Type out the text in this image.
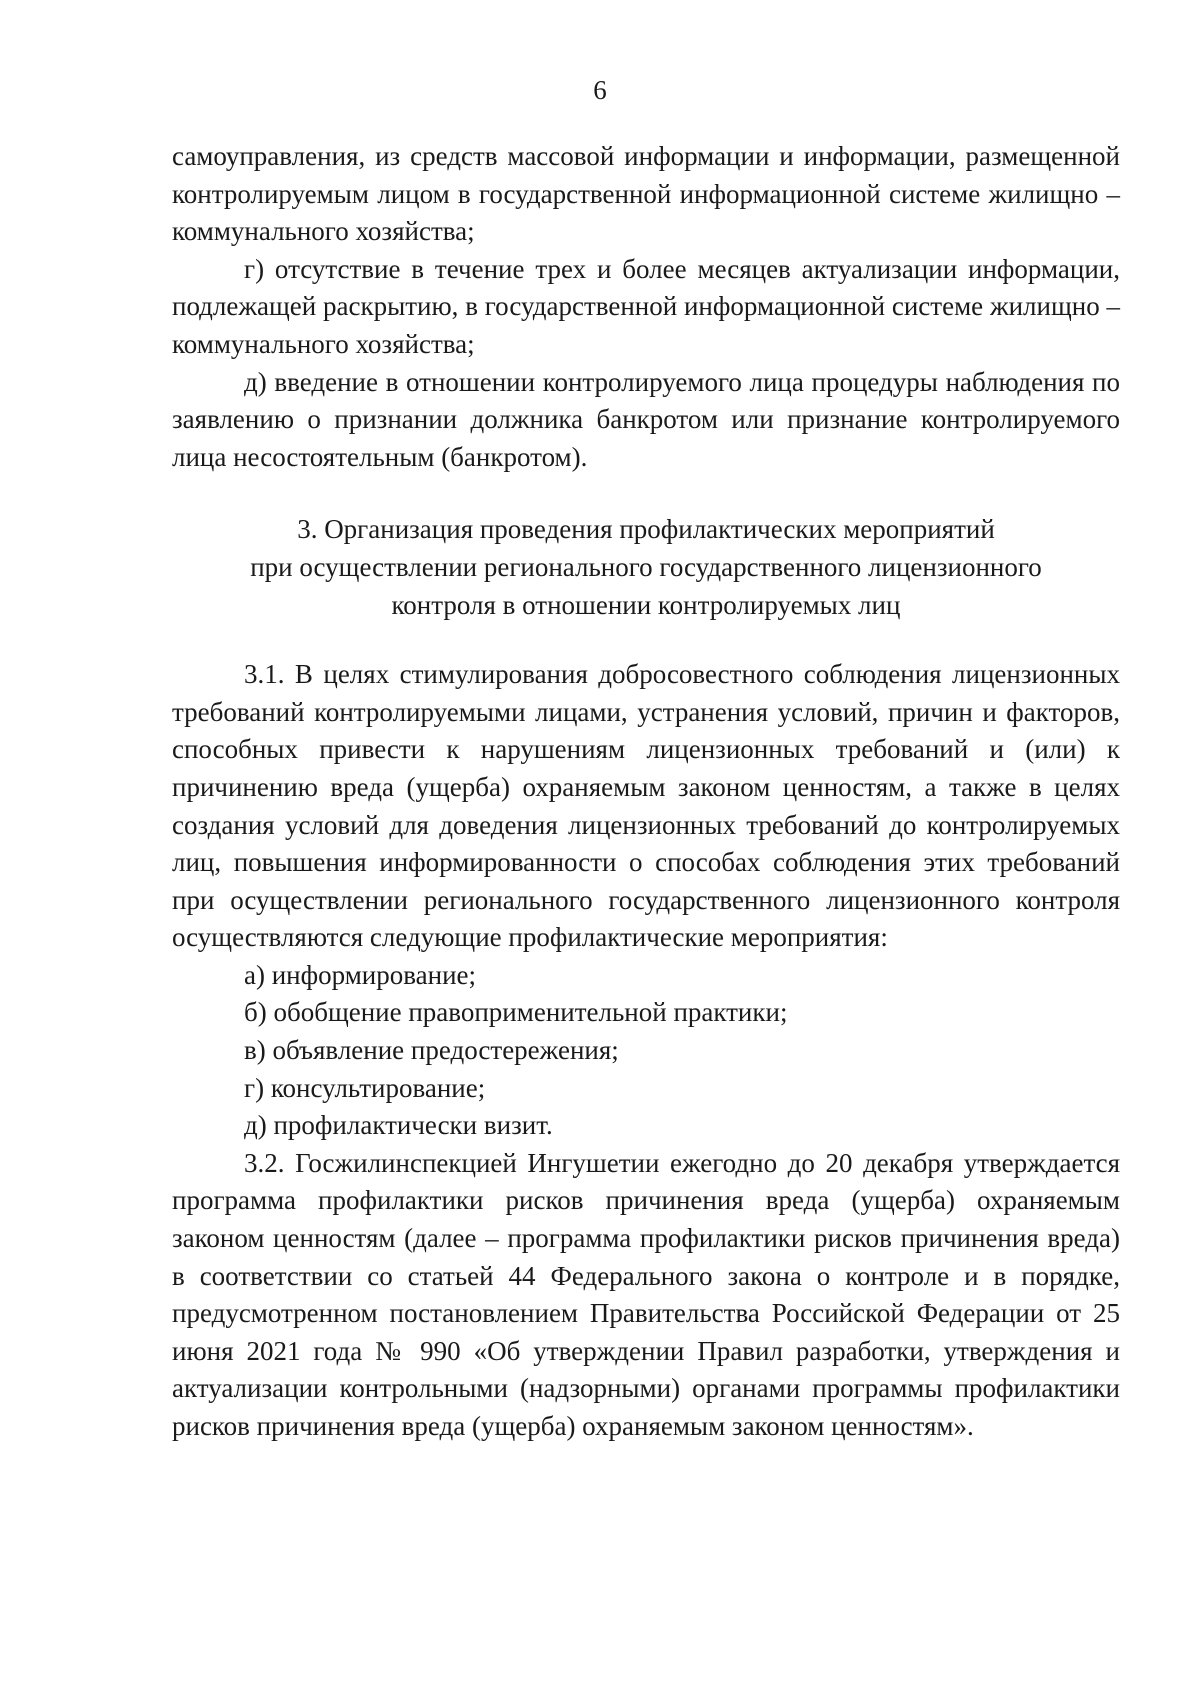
6

самоуправления, из средств массовой информации и информации, размещенной контролируемым лицом в государственной информационной системе жилищно – коммунального хозяйства;

г) отсутствие в течение трех и более месяцев актуализации информации, подлежащей раскрытию, в государственной информационной системе жилищно – коммунального хозяйства;

д) введение в отношении контролируемого лица процедуры наблюдения по заявлению о признании должника банкротом или признание контролируемого лица несостоятельным (банкротом).

3. Организация проведения профилактических мероприятий
при осуществлении регионального государственного лицензионного
контроля в отношении контролируемых лиц

3.1. В целях стимулирования добросовестного соблюдения лицензионных требований контролируемыми лицами, устранения условий, причин и факторов, способных привести к нарушениям лицензионных требований и (или) к причинению вреда (ущерба) охраняемым законом ценностям, а также в целях создания условий для доведения лицензионных требований до контролируемых лиц, повышения информированности о способах соблюдения этих требований при осуществлении регионального государственного лицензионного контроля осуществляются следующие профилактические мероприятия:

а) информирование;

б) обобщение правоприменительной практики;

в) объявление предостережения;

г) консультирование;

д) профилактически визит.

3.2. Госжилинспекцией Ингушетии ежегодно до 20 декабря утверждается программа профилактики рисков причинения вреда (ущерба) охраняемым законом ценностям (далее – программа профилактики рисков причинения вреда) в соответствии со статьей 44 Федерального закона о контроле и в порядке, предусмотренном постановлением Правительства Российской Федерации от 25 июня 2021 года № 990 «Об утверждении Правил разработки, утверждения и актуализации контрольными (надзорными) органами программы профилактики рисков причинения вреда (ущерба) охраняемым законом ценностям».
